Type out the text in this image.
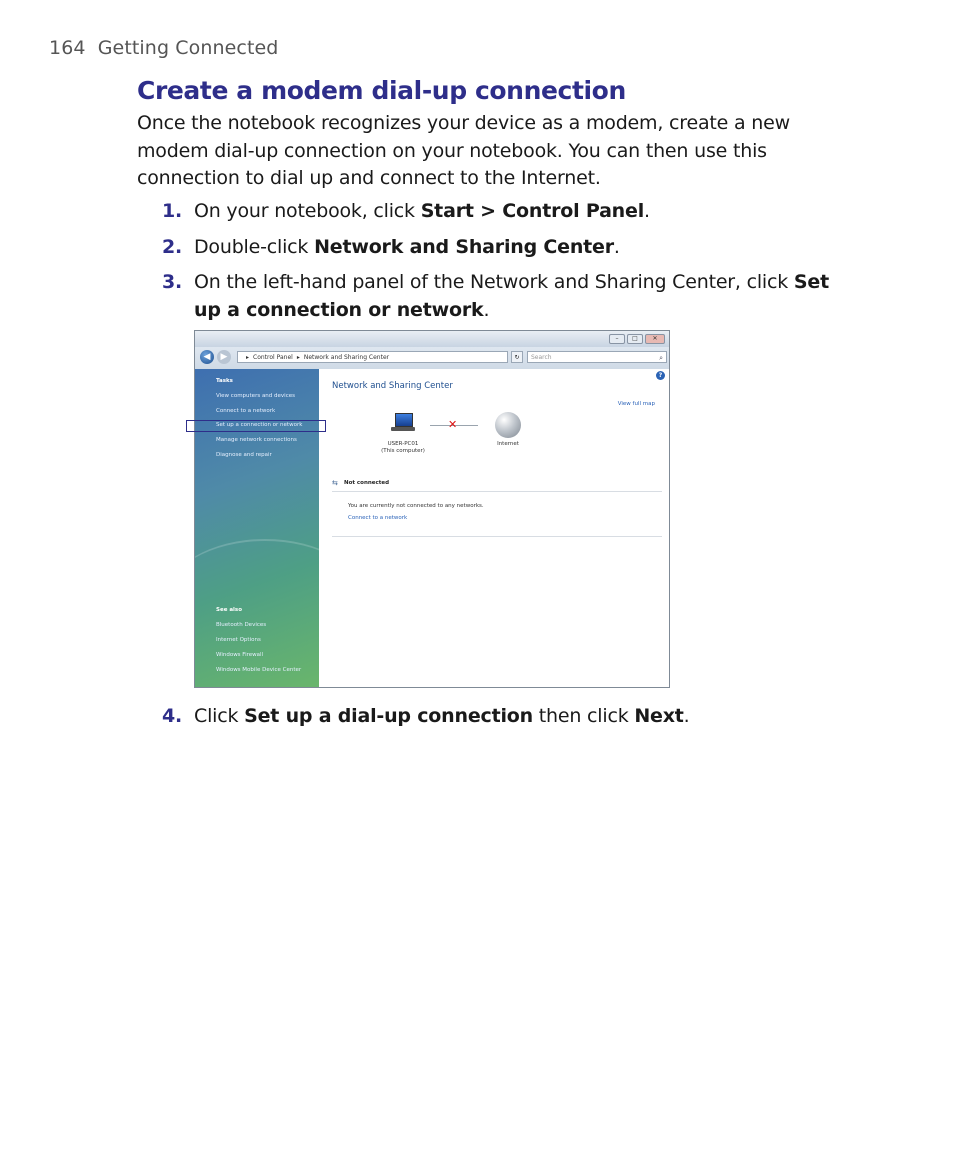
164 Getting Connected
Create a modem dial-up connection

Once the notebook recognizes your device as a modem, create a new modem dial-up connection on your notebook. You can then use this connection to dial up and connect to the Internet.

1. On your notebook, click Start > Control Panel.
2. Double-click Network and Sharing Center.
3. On the left-hand panel of the Network and Sharing Center, click Set up a connection or network.
–	□	✕
◀	▶	▸ Control Panel ▸ Network and Sharing Center	↻	Search	⌕
Tasks
View computers and devices
Connect to a network
Set up a connection or network
Manage network connections
Diagnose and repair
See also
Bluetooth Devices
Internet Options
Windows Firewall
Windows Mobile Device Center
?
Network and Sharing Center
View full map
✕
USER-PC01
(This computer)
Internet
⇆ Not connected
You are currently not connected to any networks.
Connect to a network
4. Click Set up a dial-up connection then click Next.
